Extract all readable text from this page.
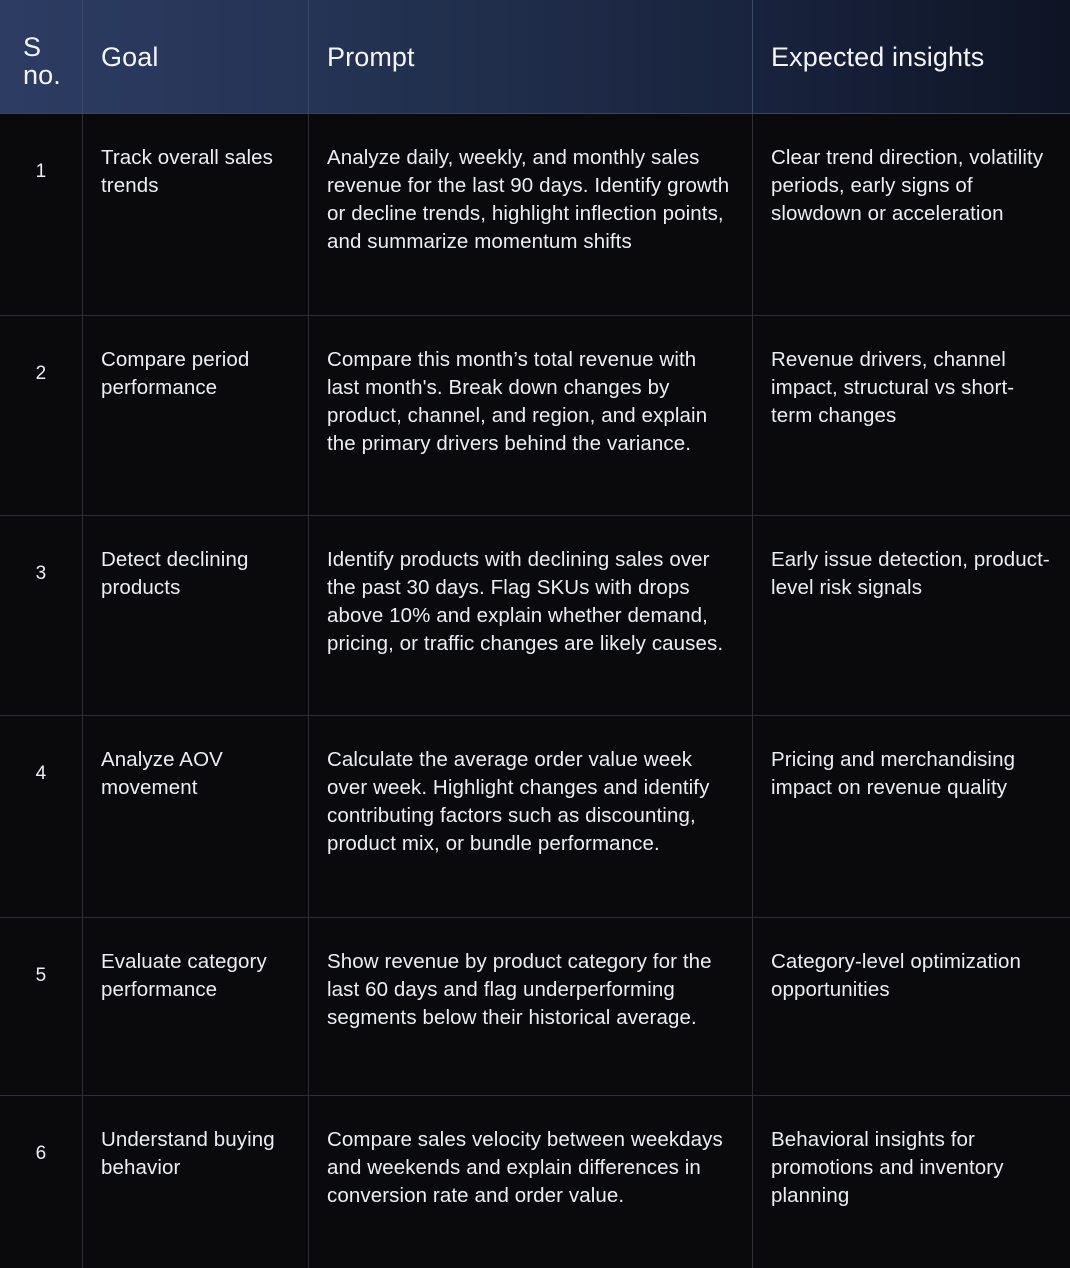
S no.
Goal	Prompt	Expected insights
1
Track overall sales trends
Analyze daily, weekly, and monthly sales revenue for the last 90 days. Identify growth or decline trends, highlight inflection points, and summarize momentum shifts
Clear trend direction, volatility periods, early signs of slowdown or acceleration
2
Compare period performance
Compare this month’s total revenue with last month's. Break down changes by product, channel, and region, and explain the primary drivers behind the variance.
Revenue drivers, channel impact, structural vs short-term changes
3
Detect declining products
Identify products with declining sales over the past 30 days. Flag SKUs with drops above 10% and explain whether demand, pricing, or traffic changes are likely causes.
Early issue detection, product-level risk signals
4
Analyze AOV movement
Calculate the average order value week over week. Highlight changes and identify contributing factors such as discounting, product mix, or bundle performance.
Pricing and merchandising impact on revenue quality
5
Evaluate category performance
Show revenue by product category for the last 60 days and flag underperforming segments below their historical average.
Category-level optimization opportunities
6
Understand buying behavior
Compare sales velocity between weekdays and weekends and explain differences in conversion rate and order value.
Behavioral insights for promotions and inventory planning
